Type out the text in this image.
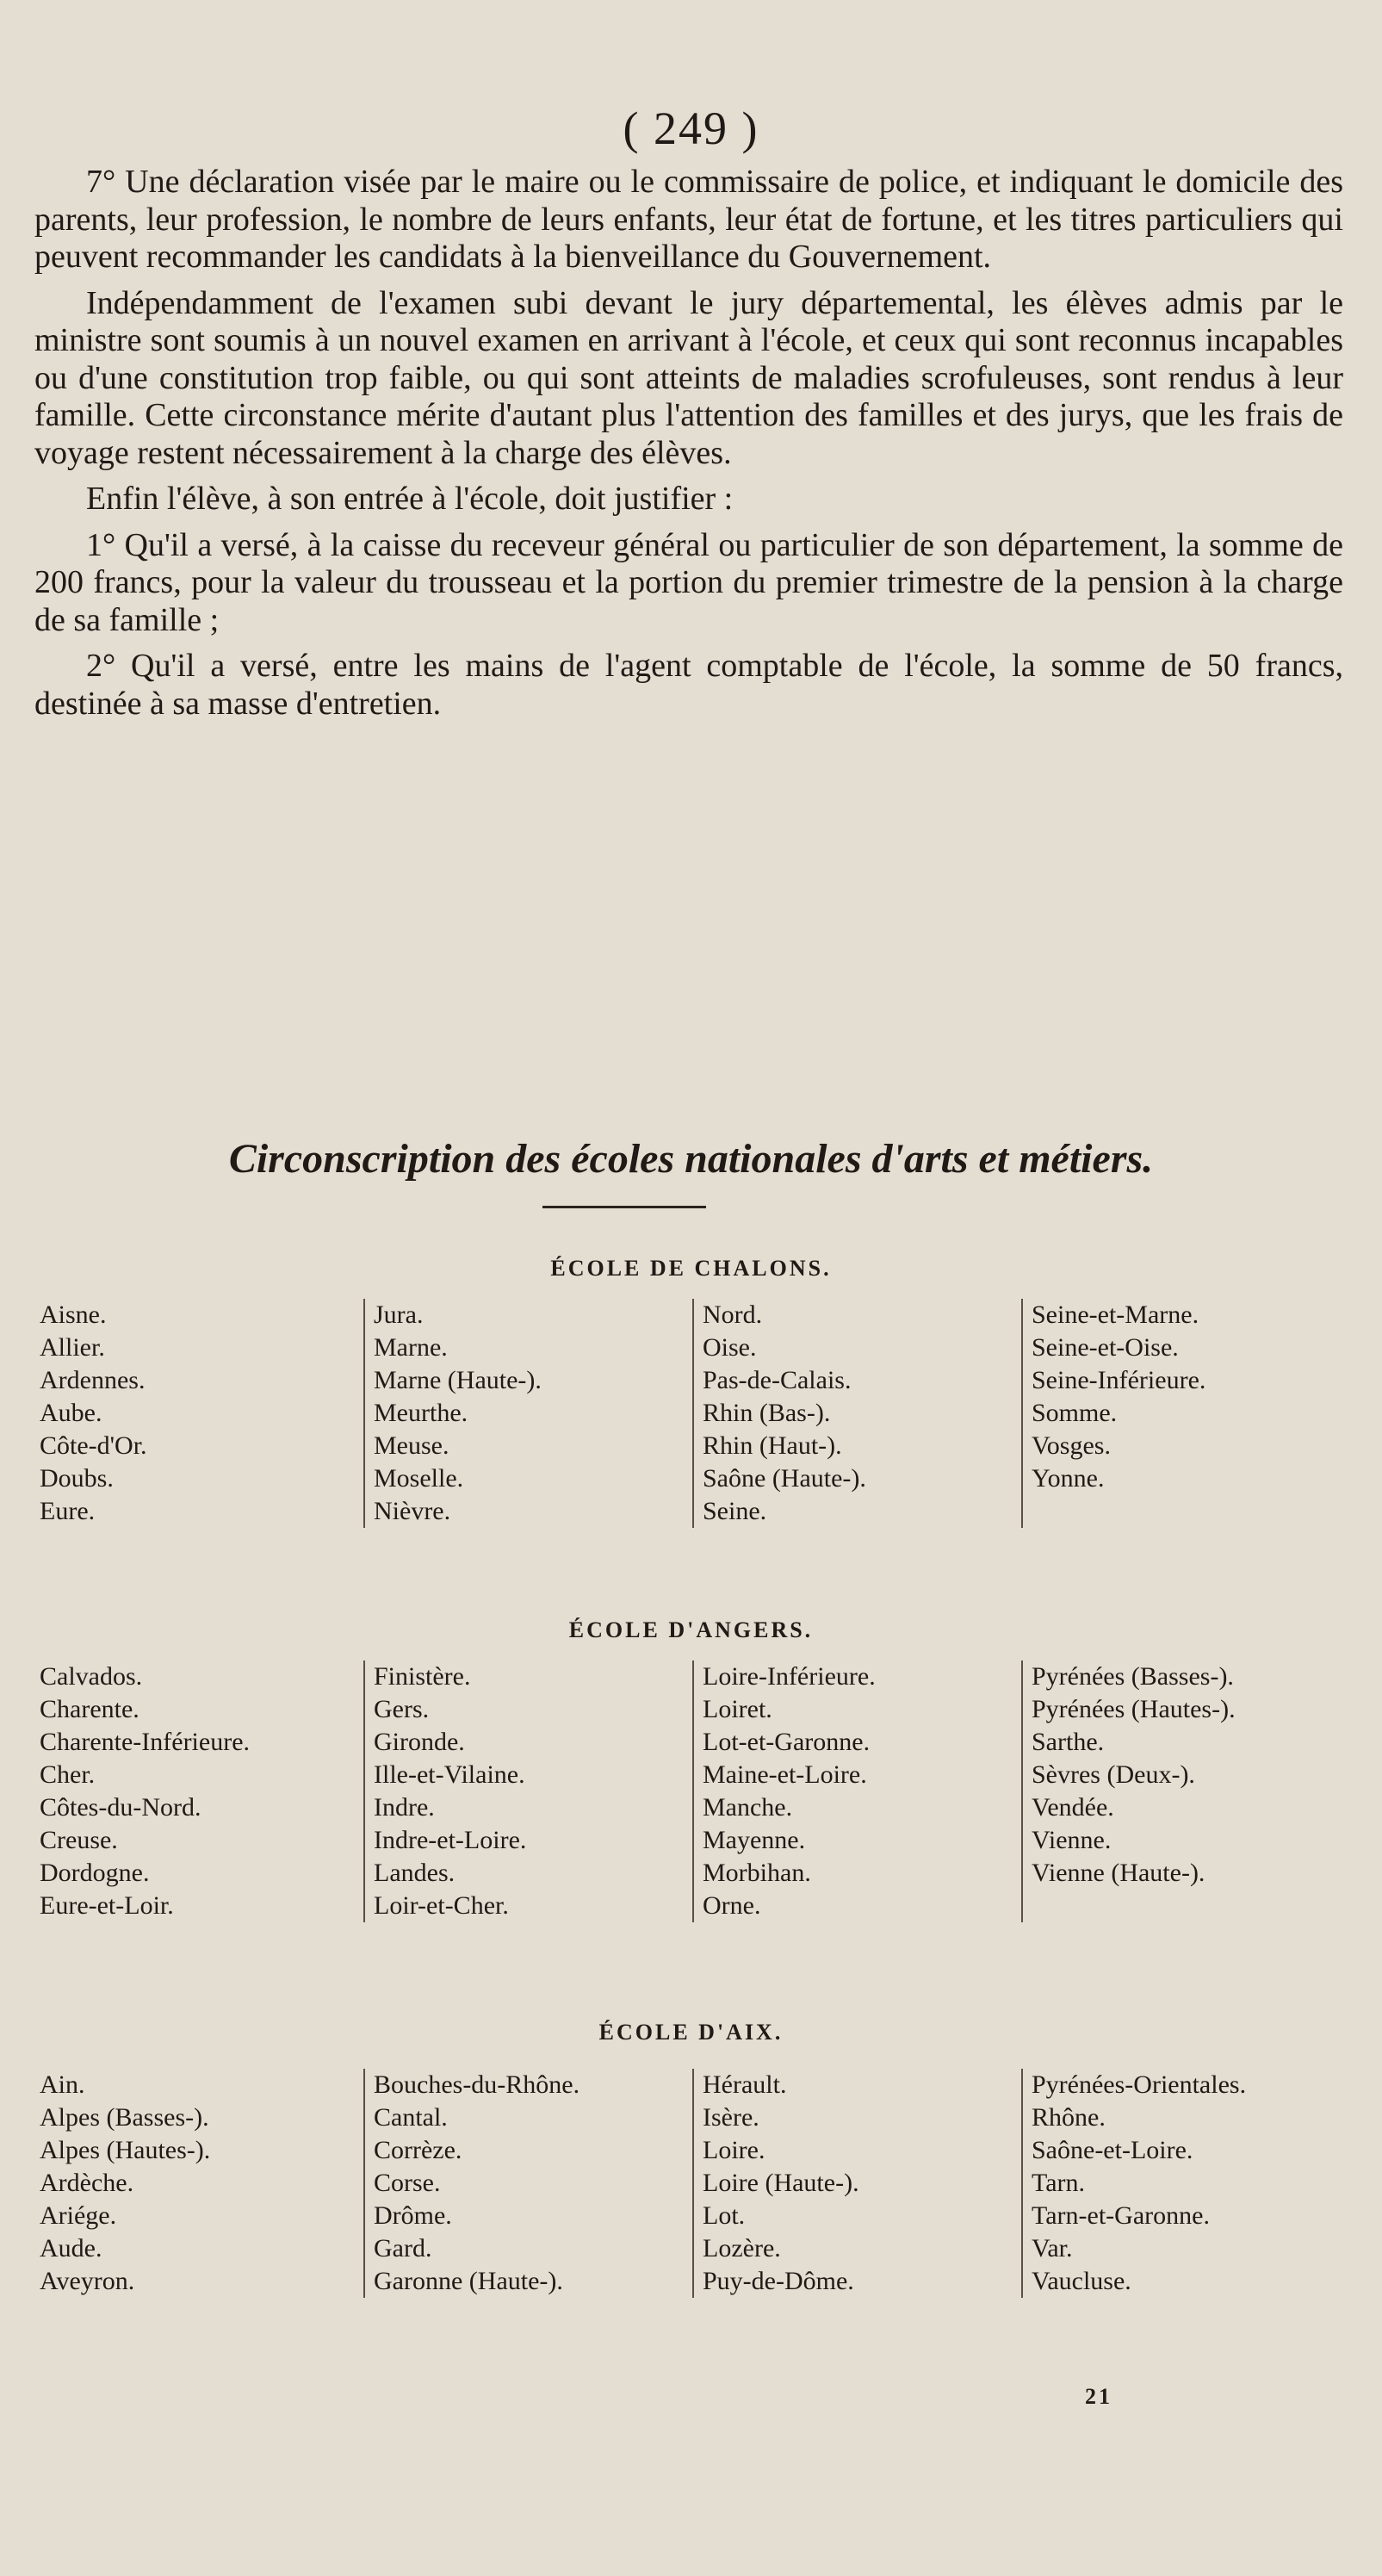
( 249 )

7° Une déclaration visée par le maire ou le commissaire de police, et indiquant le domicile des parents, leur profession, le nombre de leurs enfants, leur état de fortune, et les titres particuliers qui peuvent recommander les candidats à la bienveillance du Gouvernement.

Indépendamment de l'examen subi devant le jury départemental, les élèves admis par le ministre sont soumis à un nouvel examen en arrivant à l'école, et ceux qui sont reconnus incapables ou d'une constitution trop faible, ou qui sont atteints de maladies scrofuleuses, sont rendus à leur famille. Cette circonstance mérite d'autant plus l'attention des familles et des jurys, que les frais de voyage restent nécessairement à la charge des élèves.

Enfin l'élève, à son entrée à l'école, doit justifier :

1° Qu'il a versé, à la caisse du receveur général ou particulier de son département, la somme de 200 francs, pour la valeur du trousseau et la portion du premier trimestre de la pension à la charge de sa famille ;

2° Qu'il a versé, entre les mains de l'agent comptable de l'école, la somme de 50 francs, destinée à sa masse d'entretien.

Circonscription des écoles nationales d'arts et métiers.
ÉCOLE DE CHALONS.
Aisne.
Allier.
Ardennes.
Aube.
Côte-d'Or.
Doubs.
Eure.
Jura.
Marne.
Marne (Haute-).
Meurthe.
Meuse.
Moselle.
Nièvre.
Nord.
Oise.
Pas-de-Calais.
Rhin (Bas-).
Rhin (Haut-).
Saône (Haute-).
Seine.
Seine-et-Marne.
Seine-et-Oise.
Seine-Inférieure.
Somme.
Vosges.
Yonne.
ÉCOLE D'ANGERS.
Calvados.
Charente.
Charente-Inférieure.
Cher.
Côtes-du-Nord.
Creuse.
Dordogne.
Eure-et-Loir.
Finistère.
Gers.
Gironde.
Ille-et-Vilaine.
Indre.
Indre-et-Loire.
Landes.
Loir-et-Cher.
Loire-Inférieure.
Loiret.
Lot-et-Garonne.
Maine-et-Loire.
Manche.
Mayenne.
Morbihan.
Orne.
Pyrénées (Basses-).
Pyrénées (Hautes-).
Sarthe.
Sèvres (Deux-).
Vendée.
Vienne.
Vienne (Haute-).
ÉCOLE D'AIX.
Ain.
Alpes (Basses-).
Alpes (Hautes-).
Ardèche.
Ariége.
Aude.
Aveyron.
Bouches-du-Rhône.
Cantal.
Corrèze.
Corse.
Drôme.
Gard.
Garonne (Haute-).
Hérault.
Isère.
Loire.
Loire (Haute-).
Lot.
Lozère.
Puy-de-Dôme.
Pyrénées-Orientales.
Rhône.
Saône-et-Loire.
Tarn.
Tarn-et-Garonne.
Var.
Vaucluse.
21
